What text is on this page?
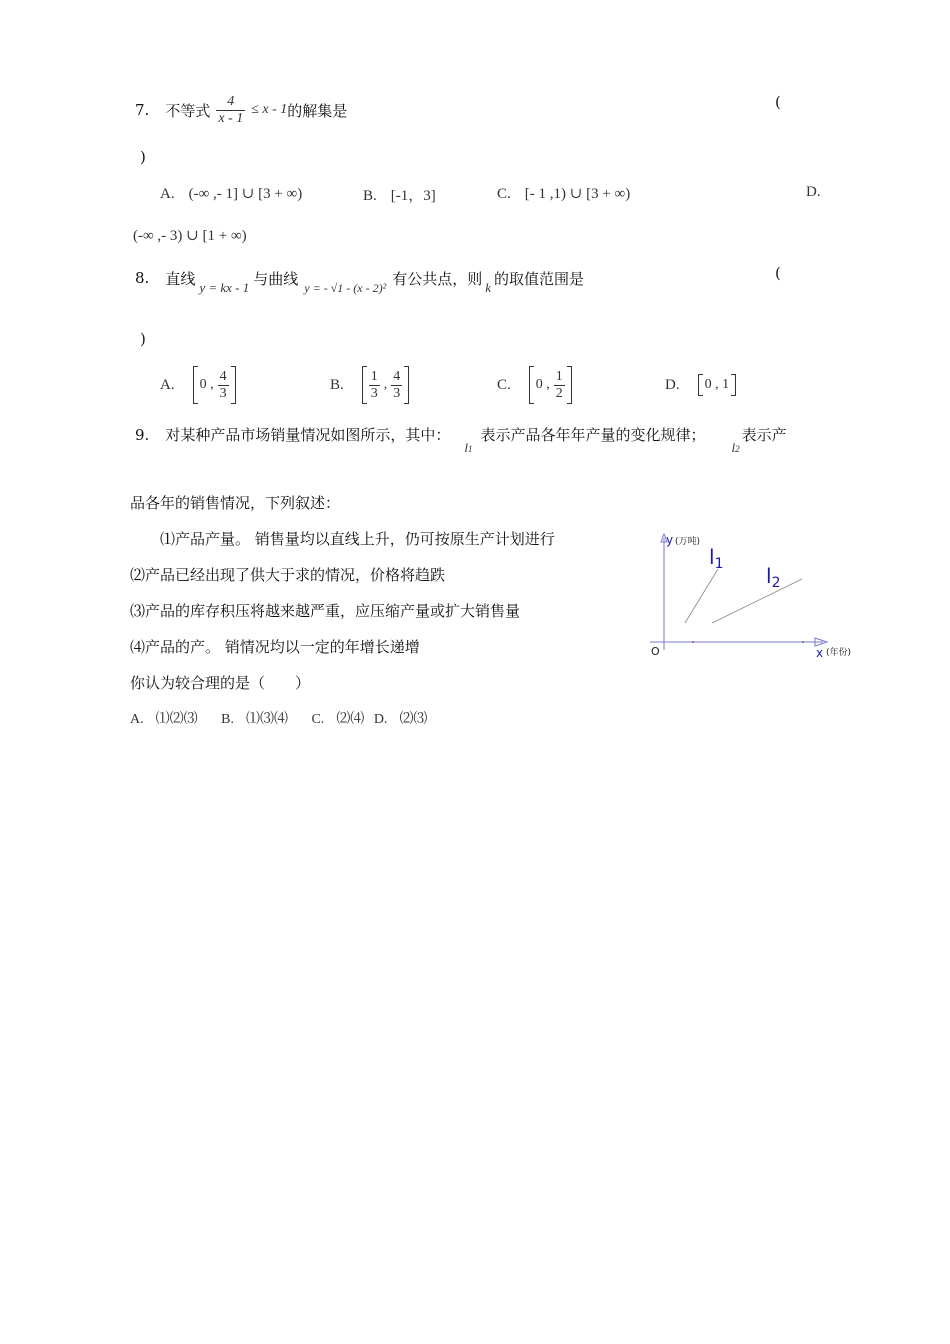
7. 不等式 $\frac{4}{x - 1} \le x - 1$ 的解集是	(
)
A. (-∞ ,- 1] ∪ [3 + ∞)	B. [-1，3]	C. [- 1 ,1) ∪ [3 + ∞)	D.
(-∞ ,- 3) ∪ [1 + ∞)
8. 直线 y = kx - 1 与曲线 y = - √1 - (x - 2)² 有公共点，则 k 的取值范围是	(
)
A. 0 , $\frac{4}{3}$	B. $\frac{1}{3}$ , $\frac{4}{3}$	C. 0 , $\frac{1}{2}$	D. 0 , 1
9. 对某种产品市场销量情况如图所示，其中：
l1
表示产品各年年产量的变化规律；
l2
表示产
品各年的销售情况，下列叙述：
⑴产品产量。 销售量均以直线上升，仍可按原生产计划进行
⑵产品已经出现了供大于求的情况，价格将趋跌
⑶产品的库存积压将越来越严重，应压缩产量或扩大销售量
⑷产品的产。 销情况均以一定的年增长递增
你认为较合理的是（　　）
A. ⑴⑵⑶ B. ⑴⑶⑷ C. ⑵⑷ D. ⑵⑶
y (万吨)
O	x (年份)
$l_1$ $l_2$
